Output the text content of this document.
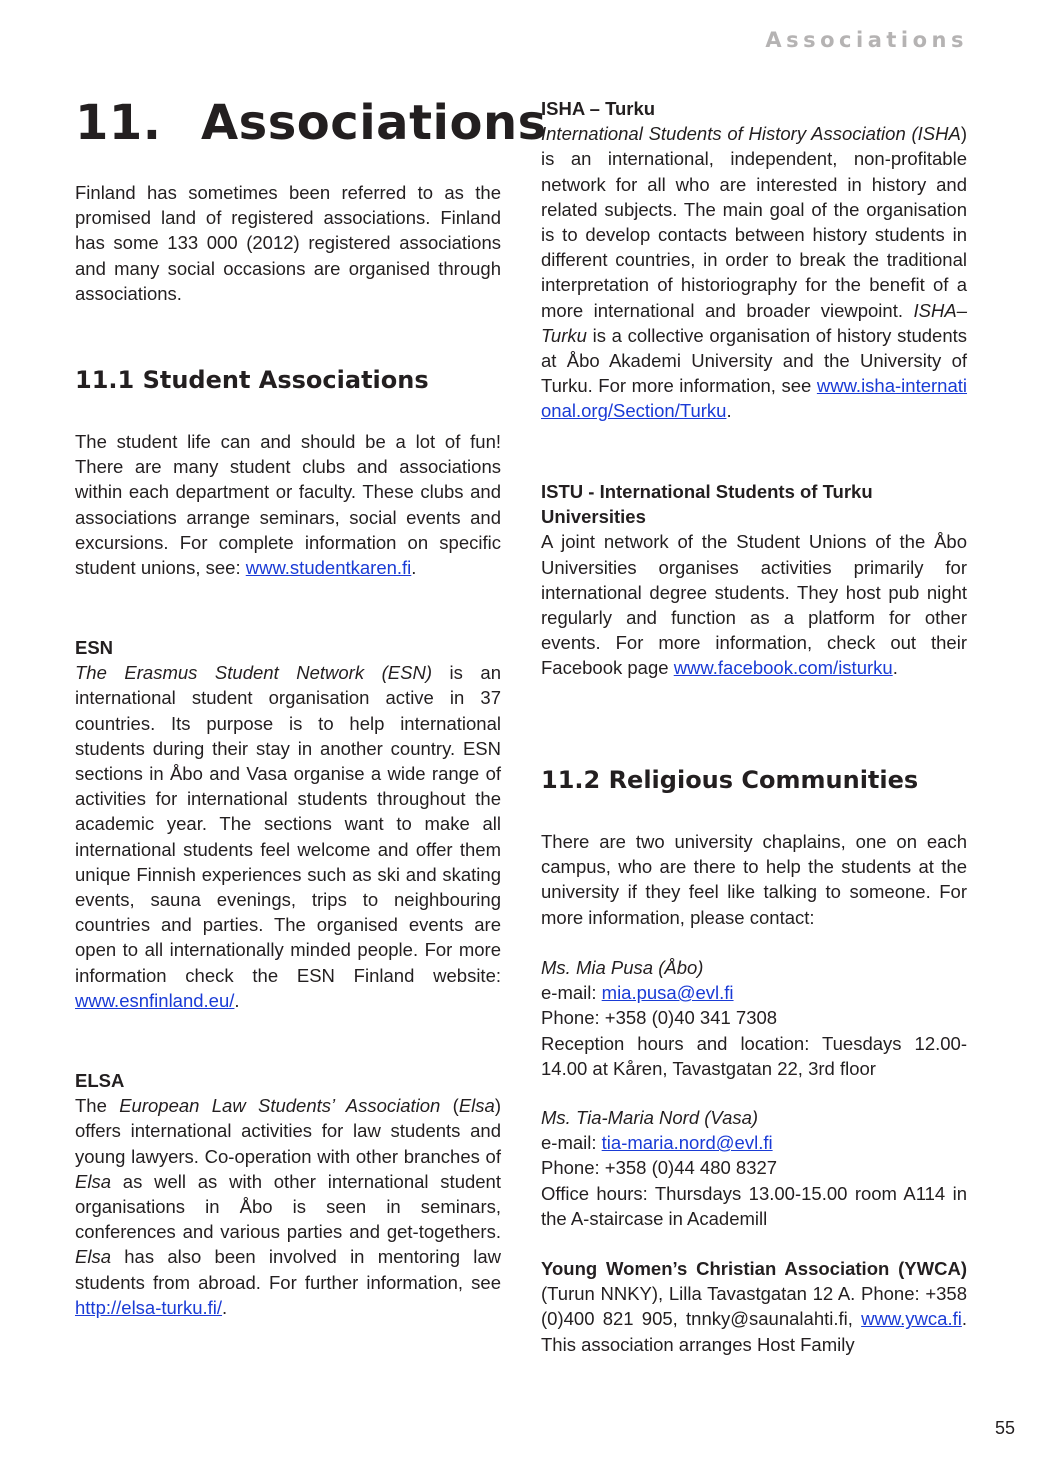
Associations
11. Associations

Finland has sometimes been referred to as the promised land of registered associations. Finland has some 133 000 (2012) registered associations and many social occasions are organised through associations.

11.1 Student Associations

The student life can and should be a lot of fun! There are many student clubs and associations within each department or faculty. These clubs and associations arrange seminars, social events and excursions. For complete information on specific student unions, see: www.studentkaren.fi.

ESN
The Erasmus Student Network (ESN) is an international student organisation active in 37 countries. Its purpose is to help international students during their stay in another country. ESN sections in Åbo and Vasa organise a wide range of activities for international students throughout the academic year. The sections want to make all international students feel welcome and offer them unique Finnish experiences such as ski and skating events, sauna evenings, trips to neighbouring countries and parties. The organised events are open to all internationally minded people. For more information check the ESN Finland website: www.esnfinland.eu/.

ELSA
The European Law Students’ Association (Elsa) offers international activities for law students and young lawyers. Co-operation with other branches of Elsa as well as with other international student organisations in Åbo is seen in seminars, conferences and various parties and get-togethers. Elsa has also been involved in mentoring law students from abroad. For further information, see http://elsa-turku.fi/.

ISHA – Turku
International Students of History Association (ISHA) is an international, independent, non-profitable network for all who are interested in history and related subjects. The main goal of the organisation is to develop contacts between history students in different countries, in order to break the traditional interpretation of historiography for the benefit of a more international and broader viewpoint. ISHA–Turku is a collective organisation of history students at Åbo Akademi University and the University of Turku. For more information, see www.isha-international.org/Section/Turku.

ISTU - International Students of Turku Universities
A joint network of the Student Unions of the Åbo Universities organises activities primarily for international degree students. They host pub night regularly and function as a platform for other events. For more information, check out their Facebook page www.facebook.com/isturku.

11.2 Religious Communities

There are two university chaplains, one on each campus, who are there to help the students at the university if they feel like talking to someone. For more information, please contact:

Ms. Mia Pusa (Åbo)
e-mail: mia.pusa@evl.fi
Phone: +358 (0)40 341 7308
Reception hours and location: Tuesdays 12.00-14.00 at Kåren, Tavastgatan 22, 3rd floor

Ms. Tia-Maria Nord (Vasa)
e-mail: tia-maria.nord@evl.fi
Phone: +358 (0)44 480 8327
Office hours: Thursdays 13.00-15.00 room A114 in the A-staircase in Academill

Young Women’s Christian Association (YWCA) (Turun NNKY), Lilla Tavastgatan 12 A. Phone: +358 (0)400 821 905, tnnky@saunalahti.fi, www.ywca.fi. This association arranges Host Family

55
